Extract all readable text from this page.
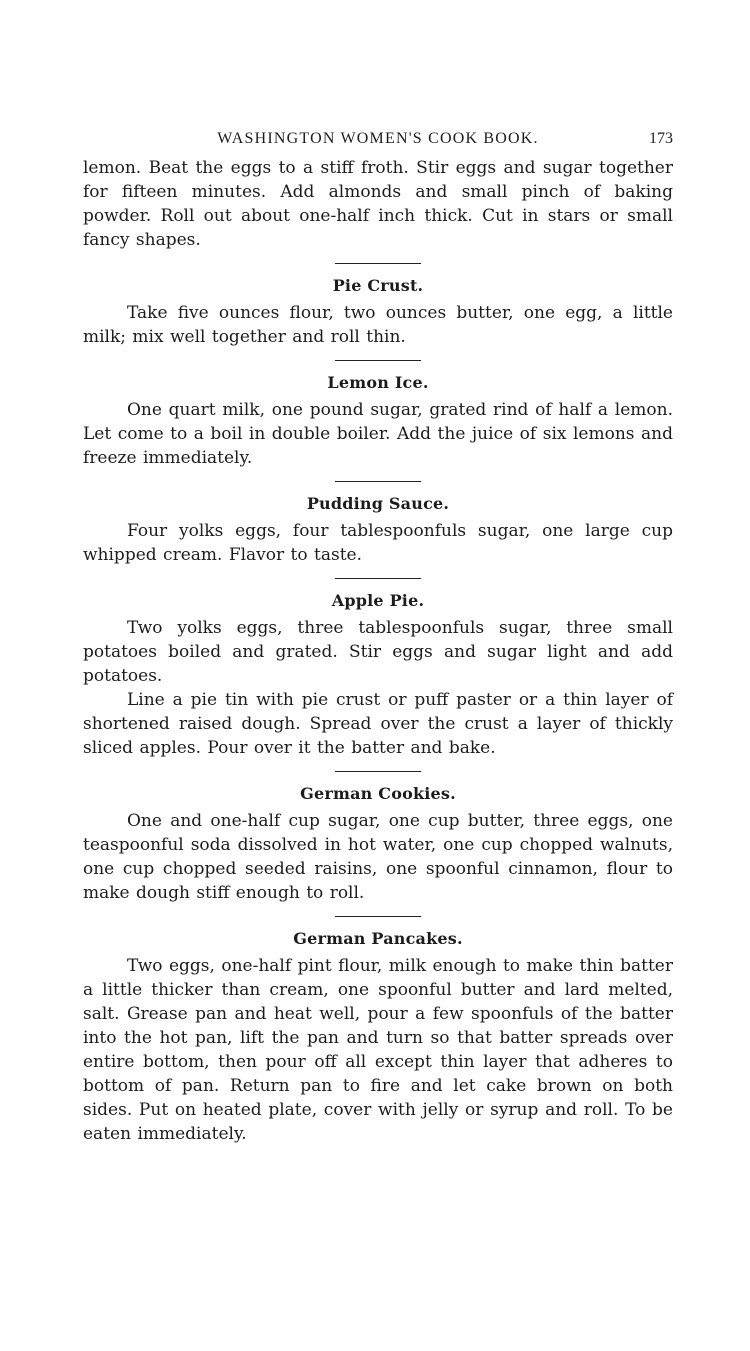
WASHINGTON WOMEN'S COOK BOOK.	173

lemon. Beat the eggs to a stiff froth. Stir eggs and sugar together for fifteen minutes. Add almonds and small pinch of baking powder. Roll out about one-half inch thick. Cut in stars or small fancy shapes.

Pie Crust.

Take five ounces flour, two ounces butter, one egg, a little milk; mix well together and roll thin.

Lemon Ice.

One quart milk, one pound sugar, grated rind of half a lemon. Let come to a boil in double boiler. Add the juice of six lemons and freeze immediately.

Pudding Sauce.

Four yolks eggs, four tablespoonfuls sugar, one large cup whipped cream. Flavor to taste.

Apple Pie.

Two yolks eggs, three tablespoonfuls sugar, three small potatoes boiled and grated. Stir eggs and sugar light and add potatoes.

Line a pie tin with pie crust or puff paster or a thin layer of shortened raised dough. Spread over the crust a layer of thickly sliced apples. Pour over it the batter and bake.

German Cookies.

One and one-half cup sugar, one cup butter, three eggs, one teaspoonful soda dissolved in hot water, one cup chopped walnuts, one cup chopped seeded raisins, one spoonful cinnamon, flour to make dough stiff enough to roll.

German Pancakes.

Two eggs, one-half pint flour, milk enough to make thin batter a little thicker than cream, one spoonful butter and lard melted, salt. Grease pan and heat well, pour a few spoonfuls of the batter into the hot pan, lift the pan and turn so that batter spreads over entire bottom, then pour off all except thin layer that adheres to bottom of pan. Return pan to fire and let cake brown on both sides. Put on heated plate, cover with jelly or syrup and roll. To be eaten immediately.
